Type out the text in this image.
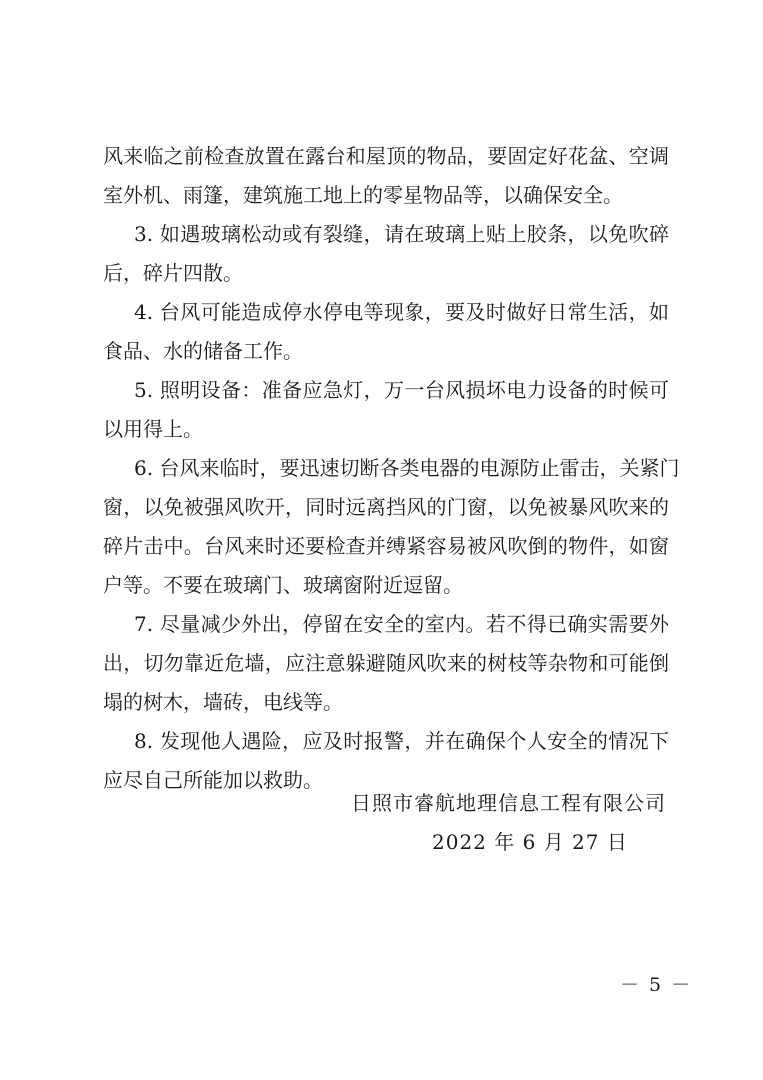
风来临之前检查放置在露台和屋顶的物品，要固定好花盆、空调
室外机、雨篷，建筑施工地上的零星物品等，以确保安全。
3. 如遇玻璃松动或有裂缝，请在玻璃上贴上胶条，以免吹碎
后，碎片四散。
4. 台风可能造成停水停电等现象，要及时做好日常生活，如
食品、水的储备工作。
5. 照明设备：准备应急灯，万一台风损坏电力设备的时候可
以用得上。
6. 台风来临时，要迅速切断各类电器的电源防止雷击，关紧门
窗，以免被强风吹开，同时远离挡风的门窗，以免被暴风吹来的
碎片击中。台风来时还要检查并缚紧容易被风吹倒的物件，如窗
户等。不要在玻璃门、玻璃窗附近逗留。
7. 尽量减少外出，停留在安全的室内。若不得已确实需要外
出，切勿靠近危墙，应注意躲避随风吹来的树枝等杂物和可能倒
塌的树木，墙砖，电线等。
8. 发现他人遇险，应及时报警，并在确保个人安全的情况下
应尽自己所能加以救助。
日照市睿航地理信息工程有限公司
2022 年 6 月 27 日
－ 5 －
